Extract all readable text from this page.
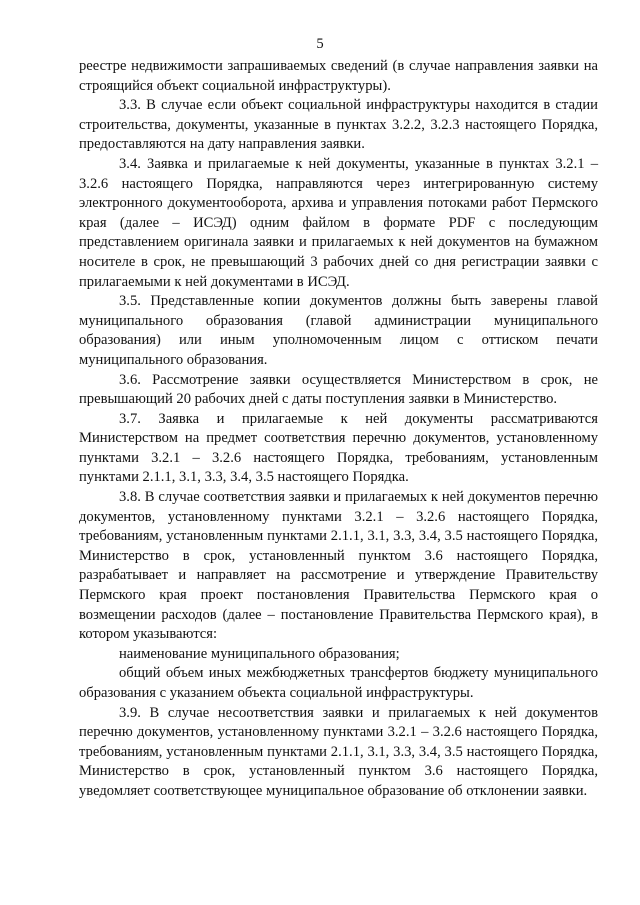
5

реестре недвижимости запрашиваемых сведений (в случае направления заявки на строящийся объект социальной инфраструктуры).

3.3. В случае если объект социальной инфраструктуры находится в стадии строительства, документы, указанные в пунктах 3.2.2, 3.2.3 настоящего Порядка, предоставляются на дату направления заявки.

3.4. Заявка и прилагаемые к ней документы, указанные в пунктах 3.2.1 – 3.2.6 настоящего Порядка, направляются через интегрированную систему электронного документооборота, архива и управления потоками работ Пермского края (далее – ИСЭД) одним файлом в формате PDF с последующим представлением оригинала заявки и прилагаемых к ней документов на бумажном носителе в срок, не превышающий 3 рабочих дней со дня регистрации заявки с прилагаемыми к ней документами в ИСЭД.

3.5. Представленные копии документов должны быть заверены главой муниципального образования (главой администрации муниципального образования) или иным уполномоченным лицом с оттиском печати муниципального образования.

3.6. Рассмотрение заявки осуществляется Министерством в срок, не превышающий 20 рабочих дней с даты поступления заявки в Министерство.

3.7. Заявка и прилагаемые к ней документы рассматриваются Министерством на предмет соответствия перечню документов, установленному пунктами 3.2.1 – 3.2.6 настоящего Порядка, требованиям, установленным пунктами 2.1.1, 3.1, 3.3, 3.4, 3.5 настоящего Порядка.

3.8. В случае соответствия заявки и прилагаемых к ней документов перечню документов, установленному пунктами 3.2.1 – 3.2.6 настоящего Порядка, требованиям, установленным пунктами 2.1.1, 3.1, 3.3, 3.4, 3.5 настоящего Порядка, Министерство в срок, установленный пунктом 3.6 настоящего Порядка, разрабатывает и направляет на рассмотрение и утверждение Правительству Пермского края проект постановления Правительства Пермского края о возмещении расходов (далее – постановление Правительства Пермского края), в котором указываются:

наименование муниципального образования;

общий объем иных межбюджетных трансфертов бюджету муниципального образования с указанием объекта социальной инфраструктуры.

3.9. В случае несоответствия заявки и прилагаемых к ней документов перечню документов, установленному пунктами 3.2.1 – 3.2.6 настоящего Порядка, требованиям, установленным пунктами 2.1.1, 3.1, 3.3, 3.4, 3.5 настоящего Порядка, Министерство в срок, установленный пунктом 3.6 настоящего Порядка, уведомляет соответствующее муниципальное образование об отклонении заявки.
